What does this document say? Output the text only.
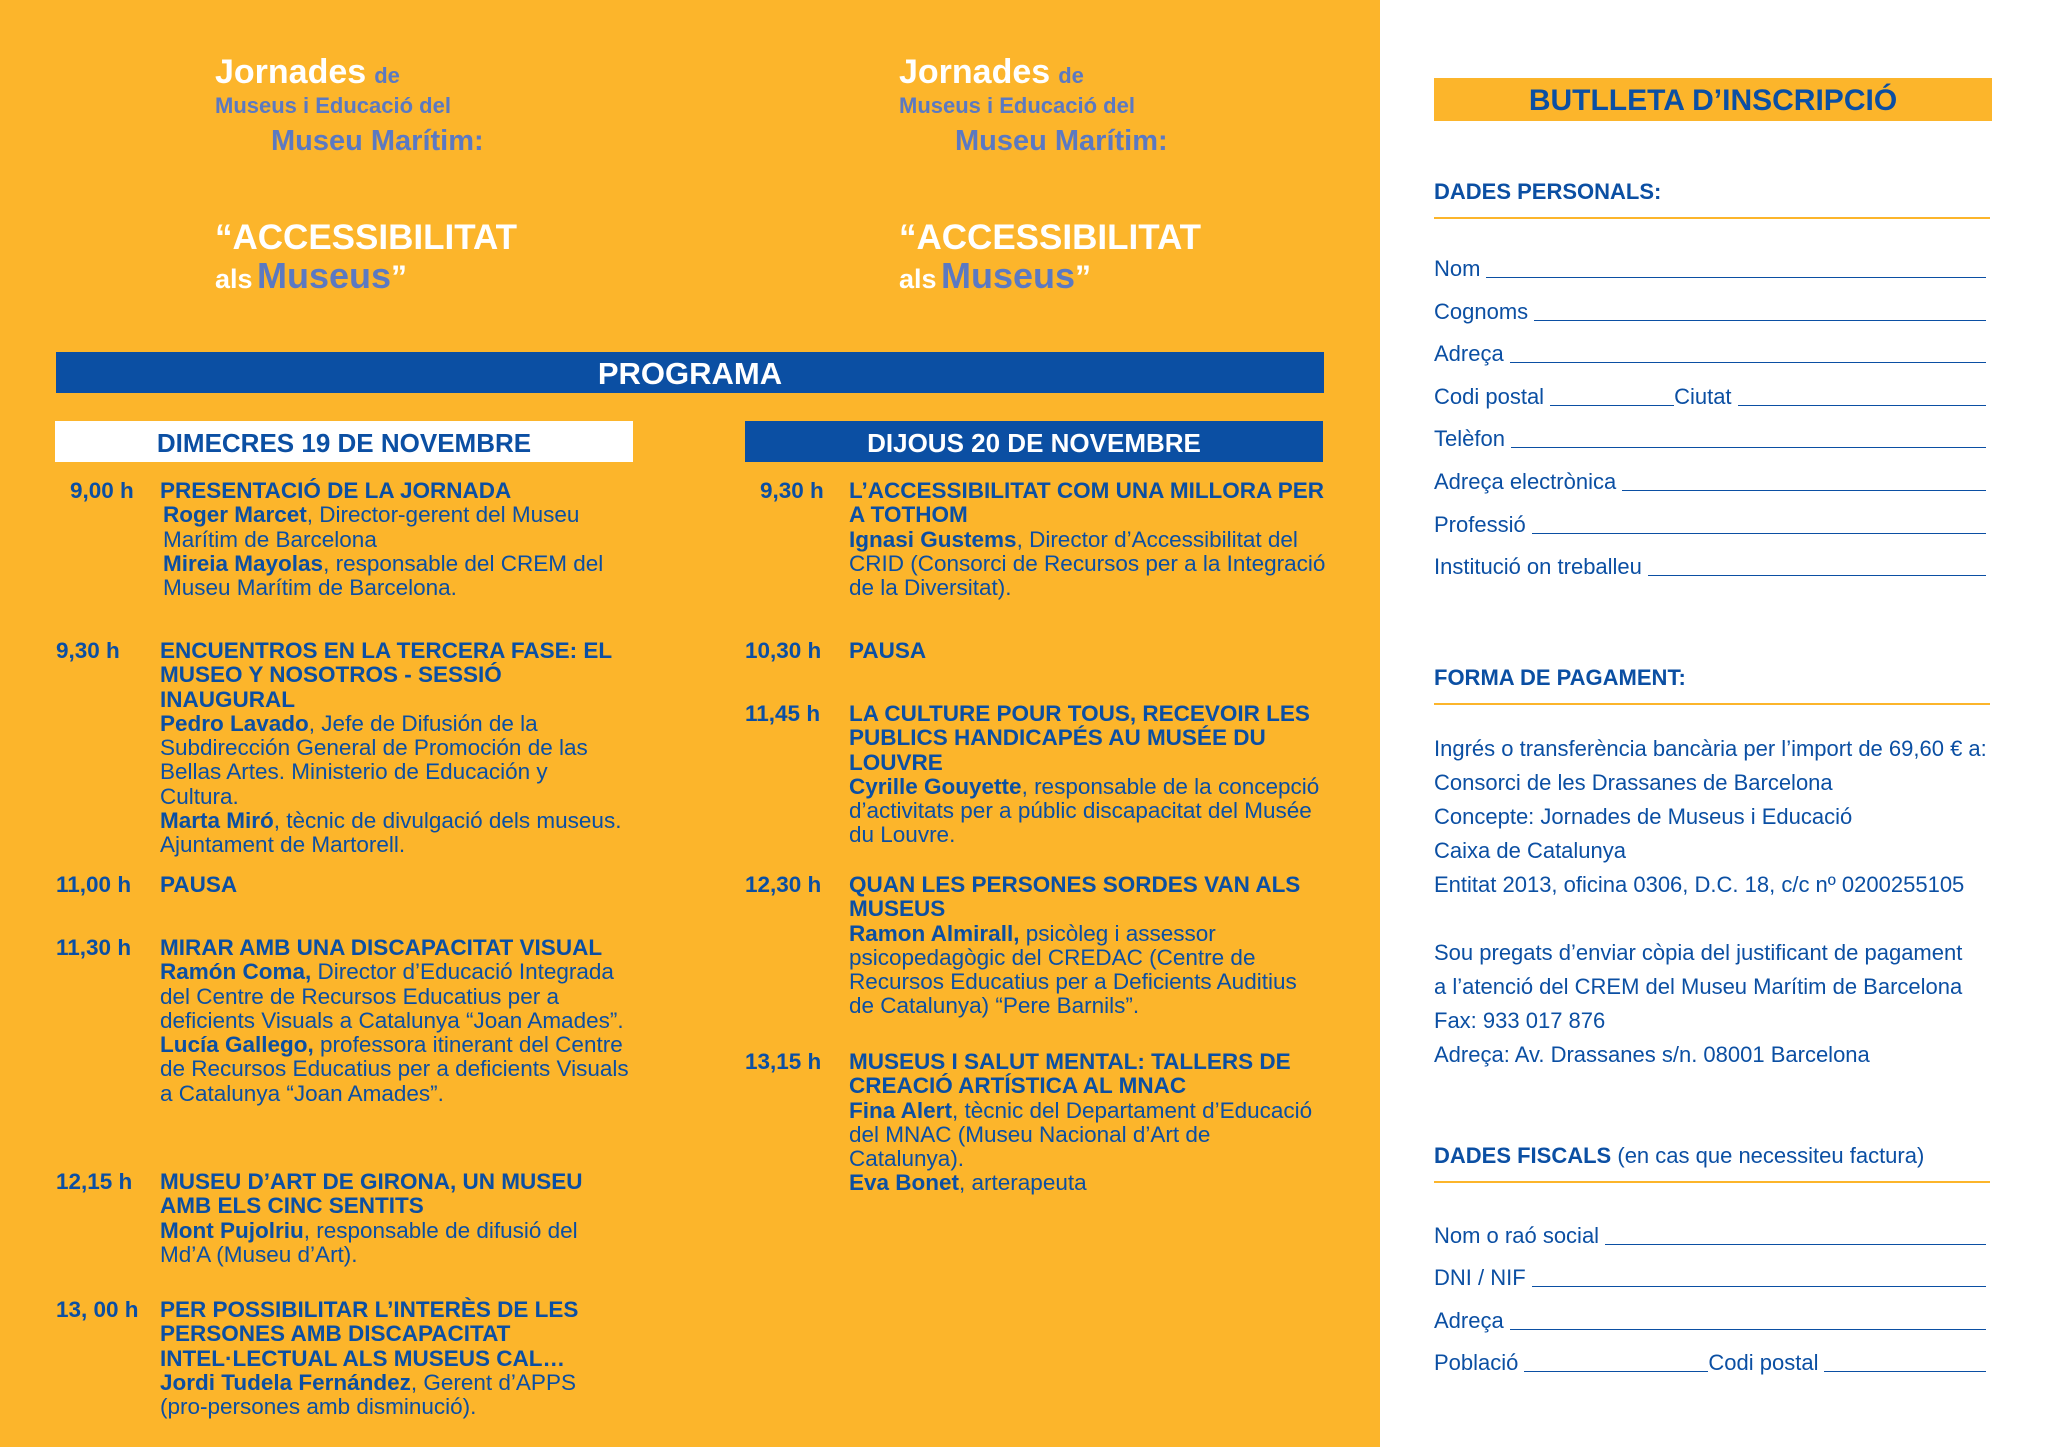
Jornades de
Museus i Educació del
Museu Marítim:
“ACCESSIBILITAT
als Museus”
Jornades de
Museus i Educació del
Museu Marítim:
“ACCESSIBILITAT
als Museus”
PROGRAMA
DIMECRES 19 DE NOVEMBRE	DIJOUS 20 DE NOVEMBRE
9,00 h PRESENTACIÓ DE LA JORNADA
Roger Marcet, Director-gerent del Museu Marítim de Barcelona
Mireia Mayolas, responsable del CREM del Museu Marítim de Barcelona.
9,30 h ENCUENTROS EN LA TERCERA FASE: EL MUSEO Y NOSOTROS - SESSIÓ INAUGURAL
Pedro Lavado, Jefe de Difusión de la Subdirección General de Promoción de las Bellas Artes. Ministerio de Educación y Cultura.
Marta Miró, tècnic de divulgació dels museus. Ajuntament de Martorell.
11,00 h PAUSA
11,30 h MIRAR AMB UNA DISCAPACITAT VISUAL
Ramón Coma, Director d’Educació Integrada del Centre de Recursos Educatius per a deficients Visuals a Catalunya “Joan Amades”.
Lucía Gallego, professora itinerant del Centre de Recursos Educatius per a deficients Visuals a Catalunya “Joan Amades”.
12,15 h MUSEU D’ART DE GIRONA, UN MUSEU AMB ELS CINC SENTITS
Mont Pujolriu, responsable de difusió del Md’A (Museu d’Art).
13, 00 h PER POSSIBILITAR L’INTERÈS DE LES PERSONES AMB DISCAPACITAT INTEL·LECTUAL ALS MUSEUS CAL…
Jordi Tudela Fernández, Gerent d’APPS (pro-persones amb disminució).
9,30 h L’ACCESSIBILITAT COM UNA MILLORA PER A TOTHOM
Ignasi Gustems, Director d’Accessibilitat del CRID (Consorci de Recursos per a la Integració de la Diversitat).
10,30 h PAUSA
11,45 h LA CULTURE POUR TOUS, RECEVOIR LES PUBLICS HANDICAPÉS AU MUSÉE DU LOUVRE
Cyrille Gouyette, responsable de la concepció d’activitats per a públic discapacitat del Musée du Louvre.
12,30 h QUAN LES PERSONES SORDES VAN ALS MUSEUS
Ramon Almirall, psicòleg i assessor psicopedagògic del CREDAC (Centre de Recursos Educatius per a Deficients Auditius de Catalunya) “Pere Barnils”.
13,15 h MUSEUS I SALUT MENTAL: TALLERS DE CREACIÓ ARTÍSTICA AL MNAC
Fina Alert, tècnic del Departament d’Educació del MNAC (Museu Nacional d’Art de Catalunya).
Eva Bonet, arterapeuta
BUTLLETA D’INSCRIPCIÓ
DADES PERSONALS:
Nom
Cognoms
Adreça
Codi postal	Ciutat
Telèfon
Adreça electrònica
Professió
Institució on treballeu
FORMA DE PAGAMENT:
Ingrés o transferència bancària per l’import de 69,60 € a:
Consorci de les Drassanes de Barcelona
Concepte: Jornades de Museus i Educació
Caixa de Catalunya
Entitat 2013, oficina 0306, D.C. 18, c/c nº 0200255105
Sou pregats d’enviar còpia del justificant de pagament
a l’atenció del CREM del Museu Marítim de Barcelona
Fax: 933 017 876
Adreça: Av. Drassanes s/n. 08001 Barcelona
DADES FISCALS (en cas que necessiteu factura)
Nom o raó social
DNI / NIF
Adreça
Població	Codi postal
